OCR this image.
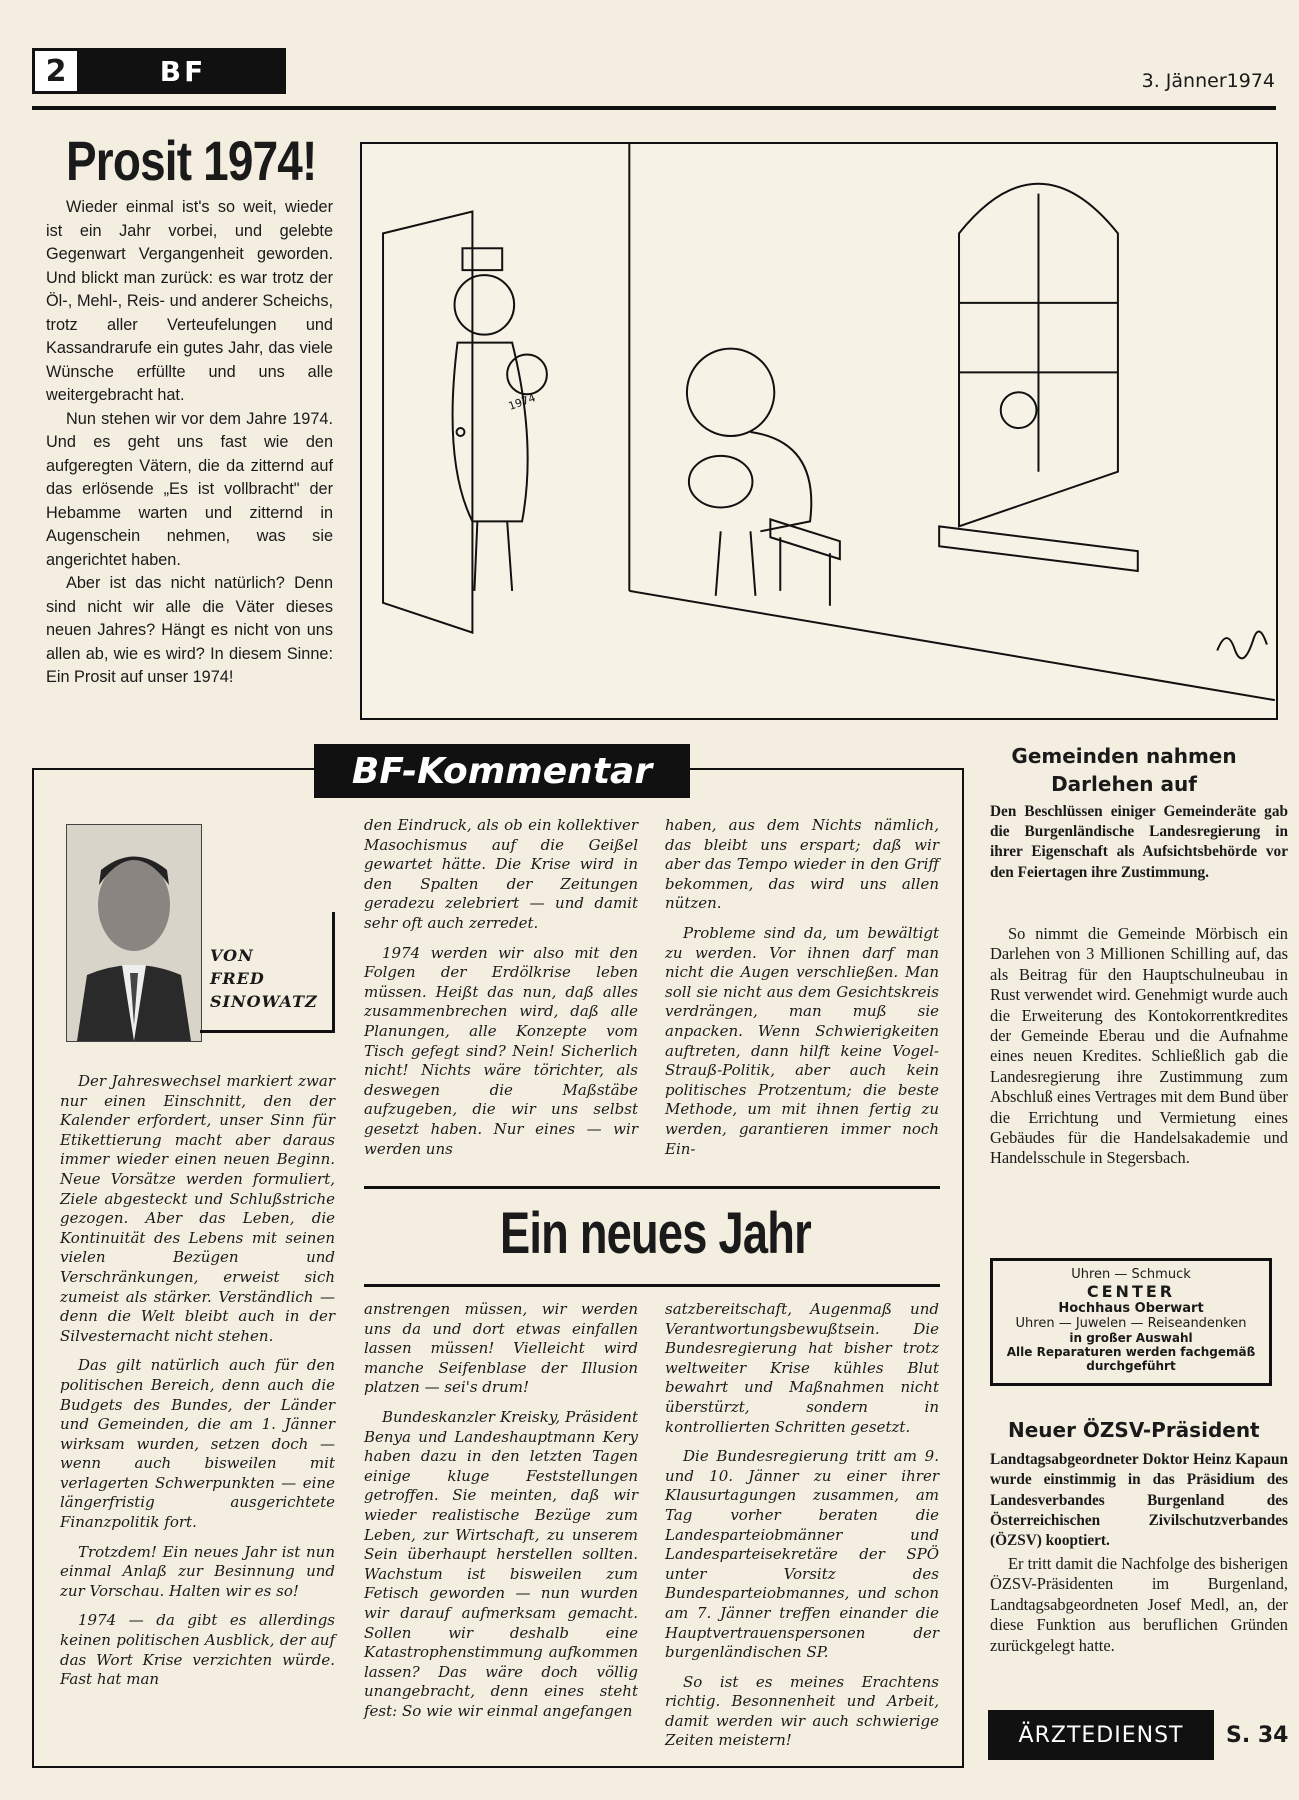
2	BF	3. Jänner1974
Prosit 1974!

Wieder einmal ist's so weit, wieder ist ein Jahr vorbei, und gelebte Gegenwart Vergangenheit geworden. Und blickt man zurück: es war trotz der Öl-, Mehl-, Reis- und anderer Scheichs, trotz aller Verteufelungen und Kassandrarufe ein gutes Jahr, das viele Wünsche erfüllte und uns alle weitergebracht hat.

Nun stehen wir vor dem Jahre 1974. Und es geht uns fast wie den aufgeregten Vätern, die da zitternd auf das erlösende „Es ist vollbracht" der Hebamme warten und zitternd in Augenschein nehmen, was sie angerichtet haben.

Aber ist das nicht natürlich? Denn sind nicht wir alle die Väter dieses neuen Jahres? Hängt es nicht von uns allen ab, wie es wird? In diesem Sinne: Ein Prosit auf unser 1974!

1974
BF-Kommentar
VON
FRED
SINOWATZ

Der Jahreswechsel markiert zwar nur einen Einschnitt, den der Kalender erfordert, unser Sinn für Etikettierung macht aber daraus immer wieder einen neuen Beginn. Neue Vorsätze werden formuliert, Ziele abgesteckt und Schlußstriche gezogen. Aber das Leben, die Kontinuität des Lebens mit seinen vielen Bezügen und Verschränkungen, erweist sich zumeist als stärker. Verständlich — denn die Welt bleibt auch in der Silvesternacht nicht stehen.

Das gilt natürlich auch für den politischen Bereich, denn auch die Budgets des Bundes, der Länder und Gemeinden, die am 1. Jänner wirksam wurden, setzen doch — wenn auch bisweilen mit verlagerten Schwerpunkten — eine längerfristig ausgerichtete Finanzpolitik fort.

Trotzdem! Ein neues Jahr ist nun einmal Anlaß zur Besinnung und zur Vorschau. Halten wir es so!

1974 — da gibt es allerdings keinen politischen Ausblick, der auf das Wort Krise verzichten würde. Fast hat man

den Eindruck, als ob ein kollektiver Masochismus auf die Geißel gewartet hätte. Die Krise wird in den Spalten der Zeitungen geradezu zelebriert — und damit sehr oft auch zerredet.

1974 werden wir also mit den Folgen der Erdölkrise leben müssen. Heißt das nun, daß alles zusammenbrechen wird, daß alle Planungen, alle Konzepte vom Tisch gefegt sind? Nein! Sicherlich nicht! Nichts wäre törichter, als deswegen die Maßstäbe aufzugeben, die wir uns selbst gesetzt haben. Nur eines — wir werden uns

haben, aus dem Nichts nämlich, das bleibt uns erspart; daß wir aber das Tempo wieder in den Griff bekommen, das wird uns allen nützen.

Probleme sind da, um bewältigt zu werden. Vor ihnen darf man nicht die Augen verschließen. Man soll sie nicht aus dem Gesichtskreis verdrängen, man muß sie anpacken. Wenn Schwierigkeiten auftreten, dann hilft keine Vogel-Strauß-Politik, aber auch kein politisches Protzentum; die beste Methode, um mit ihnen fertig zu werden, garantieren immer noch Ein-

Ein neues Jahr

anstrengen müssen, wir werden uns da und dort etwas einfallen lassen müssen! Vielleicht wird manche Seifenblase der Illusion platzen — sei's drum!

Bundeskanzler Kreisky, Präsident Benya und Landeshauptmann Kery haben dazu in den letzten Tagen einige kluge Feststellungen getroffen. Sie meinten, daß wir wieder realistische Bezüge zum Leben, zur Wirtschaft, zu unserem Sein überhaupt herstellen sollten. Wachstum ist bisweilen zum Fetisch geworden — nun wurden wir darauf aufmerksam gemacht. Sollen wir deshalb eine Katastrophenstimmung aufkommen lassen? Das wäre doch völlig unangebracht, denn eines steht fest: So wie wir einmal angefangen

satzbereitschaft, Augenmaß und Verantwortungsbewußtsein. Die Bundesregierung hat bisher trotz weltweiter Krise kühles Blut bewahrt und Maßnahmen nicht überstürzt, sondern in kontrollierten Schritten gesetzt.

Die Bundesregierung tritt am 9. und 10. Jänner zu einer ihrer Klausurtagungen zusammen, am Tag vorher beraten die Landesparteiobmänner und Landesparteisekretäre der SPÖ unter Vorsitz des Bundesparteiobmannes, und schon am 7. Jänner treffen einander die Hauptvertrauenspersonen der burgenländischen SP.

So ist es meines Erachtens richtig. Besonnenheit und Arbeit, damit werden wir auch schwierige Zeiten meistern!

Gemeinden nahmen Darlehen auf
Den Beschlüssen einiger Gemeinderäte gab die Burgenländische Landesregierung in ihrer Eigenschaft als Aufsichtsbehörde vor den Feiertagen ihre Zustimmung.

So nimmt die Gemeinde Mörbisch ein Darlehen von 3 Millionen Schilling auf, das als Beitrag für den Hauptschulneubau in Rust verwendet wird. Genehmigt wurde auch die Erweiterung des Kontokorrentkredites der Gemeinde Eberau und die Aufnahme eines neuen Kredites. Schließlich gab die Landesregierung ihre Zustimmung zum Abschluß eines Vertrages mit dem Bund über die Errichtung und Vermietung eines Gebäudes für die Handelsakademie und Handelsschule in Stegersbach.

Uhren — Schmuck
CENTER
Hochhaus Oberwart
Uhren — Juwelen — Reiseandenken
in großer Auswahl
Alle Reparaturen werden fachgemäß durchgeführt
Neuer ÖZSV-Präsident
Landtagsabgeordneter Doktor Heinz Kapaun wurde einstimmig in das Präsidium des Landesverbandes Burgenland des Österreichischen Zivilschutzverbandes (ÖZSV) kooptiert.

Er tritt damit die Nachfolge des bisherigen ÖZSV-Präsidenten im Burgenland, Landtagsabgeordneten Josef Medl, an, der diese Funktion aus beruflichen Gründen zurückgelegt hatte.

ÄRZTEDIENST	S. 34
